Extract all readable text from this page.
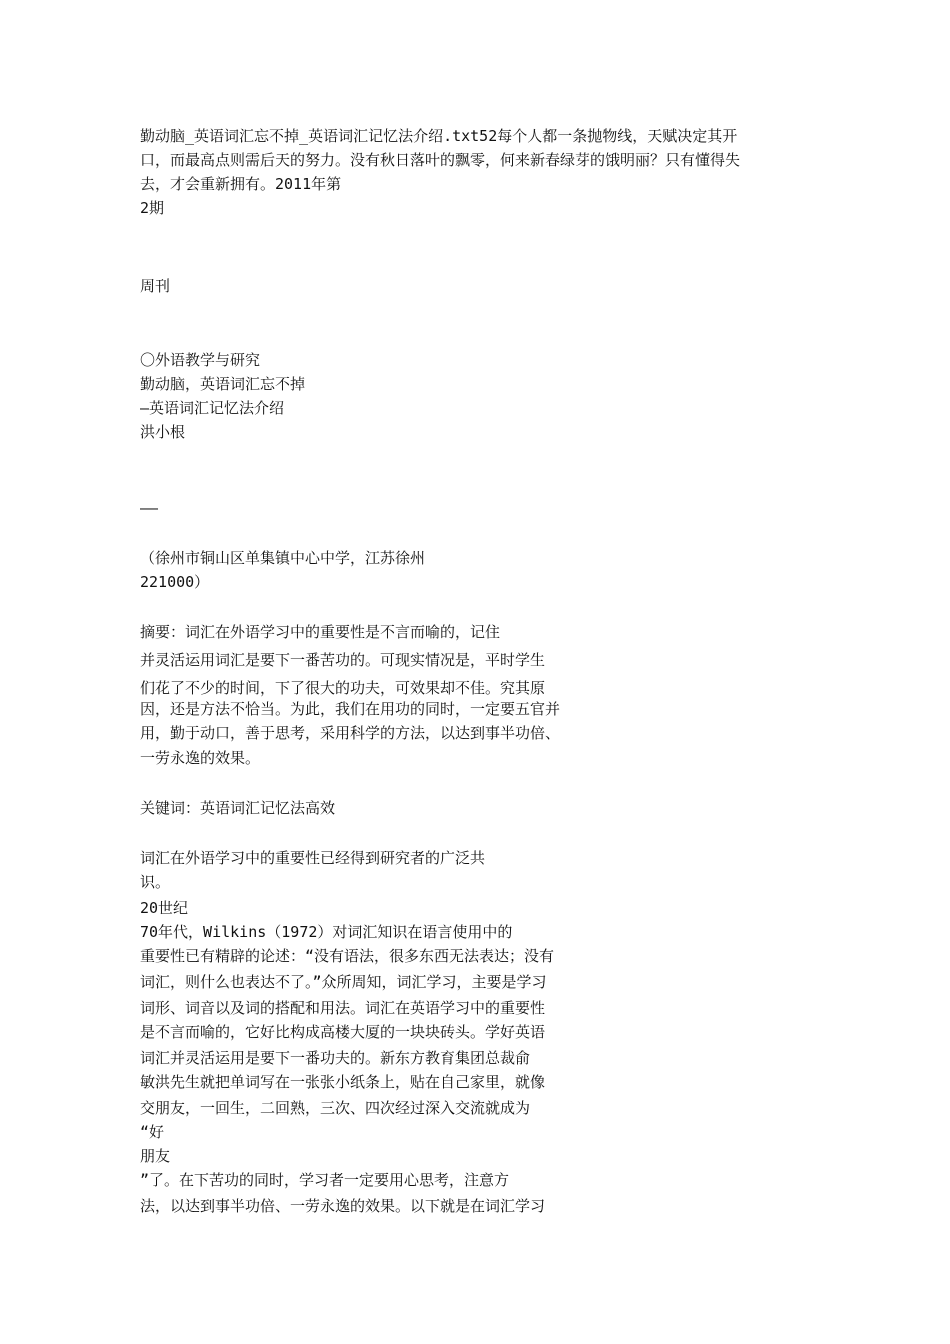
勤动脑_英语词汇忘不掉_英语词汇记忆法介绍.txt52每个人都一条抛物线，天赋决定其开
口，而最高点则需后天的努力。没有秋日落叶的飘零，何来新春绿芽的饿明丽？只有懂得失
去，才会重新拥有。2011年第
2期
周刊
〇外语教学与研究
勤动脑，英语词汇忘不掉
—英语词汇记忆法介绍
洪小根
——
（徐州市铜山区单集镇中心中学，江苏徐州
221000）
摘要：词汇在外语学习中的重要性是不言而喻的，记住
并灵活运用词汇是要下一番苦功的。可现实情况是，平时学生
们花了不少的时间，下了很大的功夫，可效果却不佳。究其原
因，还是方法不恰当。为此，我们在用功的同时，一定要五官并
用，勤于动口，善于思考，采用科学的方法，以达到事半功倍、
一劳永逸的效果。
关键词：英语词汇记忆法高效
词汇在外语学习中的重要性已经得到研究者的广泛共
识。
20世纪
70年代，Wilkins（1972）对词汇知识在语言使用中的
重要性已有精辟的论述：“没有语法，很多东西无法表达；没有
词汇，则什么也表达不了。”众所周知，词汇学习，主要是学习
词形、词音以及词的搭配和用法。词汇在英语学习中的重要性
是不言而喻的，它好比构成高楼大厦的一块块砖头。学好英语
词汇并灵活运用是要下一番功夫的。新东方教育集团总裁俞
敏洪先生就把单词写在一张张小纸条上，贴在自己家里，就像
交朋友，一回生，二回熟，三次、四次经过深入交流就成为
“好
朋友
”了。在下苦功的同时，学习者一定要用心思考，注意方
法，以达到事半功倍、一劳永逸的效果。以下就是在词汇学习
